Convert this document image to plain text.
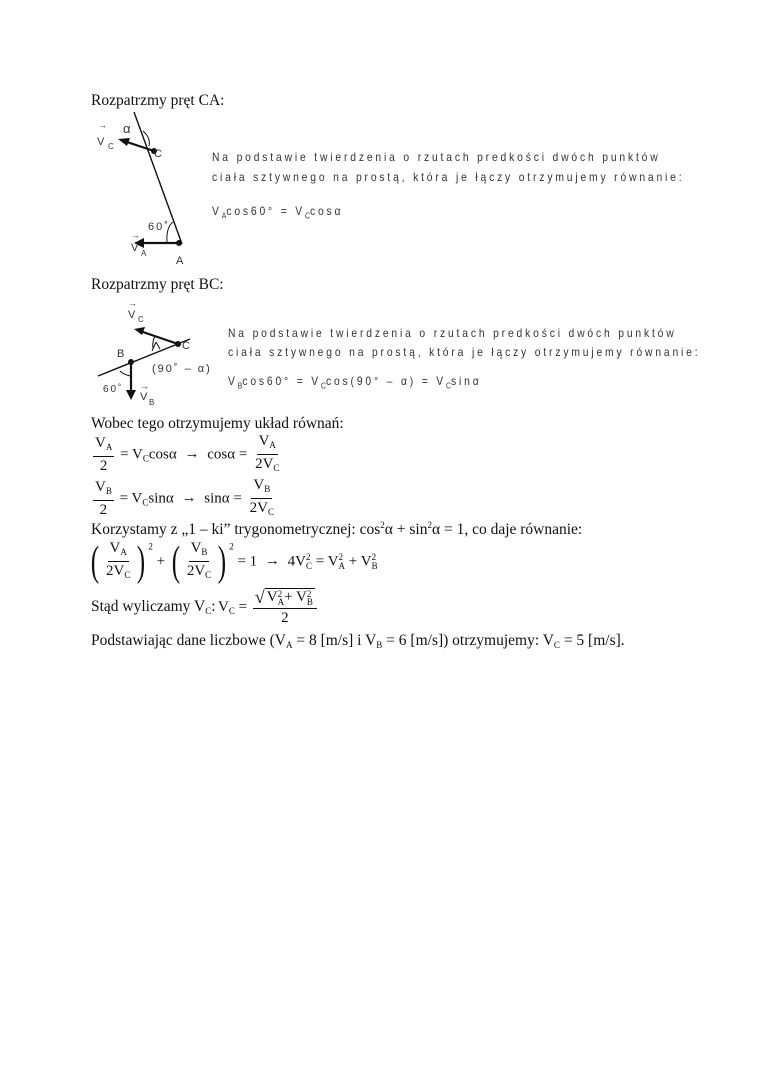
Rozpatrzmy pręt CA:
α
→
V C
C
60˚
→
V A
A
Na podstawie twierdzenia o rzutach predkości dwóch punktów
ciała sztywnego na prostą, która je łączy otrzymujemy równanie:
$V_A\cos 60^\circ = V_C\cos\alpha$
Rozpatrzmy pręt BC:
→
V C
C
B
(90˚ – α)
60˚ →
V B
Na podstawie twierdzenia o rzutach predkości dwóch punktów
ciała sztywnego na prostą, która je łączy otrzymujemy równanie:
$V_B\cos 60^\circ = V_C\cos(90^\circ - \alpha) = V_C\sin\alpha$
Wobec tego otrzymujemy układ równań:
$\frac{V_A}{2} = V_C\cos\alpha \to \cos\alpha = \frac{V_A}{2V_C}$
$\frac{V_B}{2} = V_C\sin\alpha \to \sin\alpha = \frac{V_B}{2V_C}$
Korzystamy z „1 – ki” trygonometrycznej: $\cos^2\alpha + \sin^2\alpha = 1$, co daje równanie:
( $\frac{V_A}{2V_C}$ ) $^2$ + ( $\frac{V_B}{2V_C}$ ) $^2$ = 1 → 4V 2
C = V 2
A + V 2
B
Stąd wyliczamy $V_C$: $V_C$ = √ V 2
A + V 2
B
2
Podstawiając dane liczbowe ($V_A = 8$ [m/s] i $V_B = 6$ [m/s]) otrzymujemy: $V_C = 5$ [m/s].
